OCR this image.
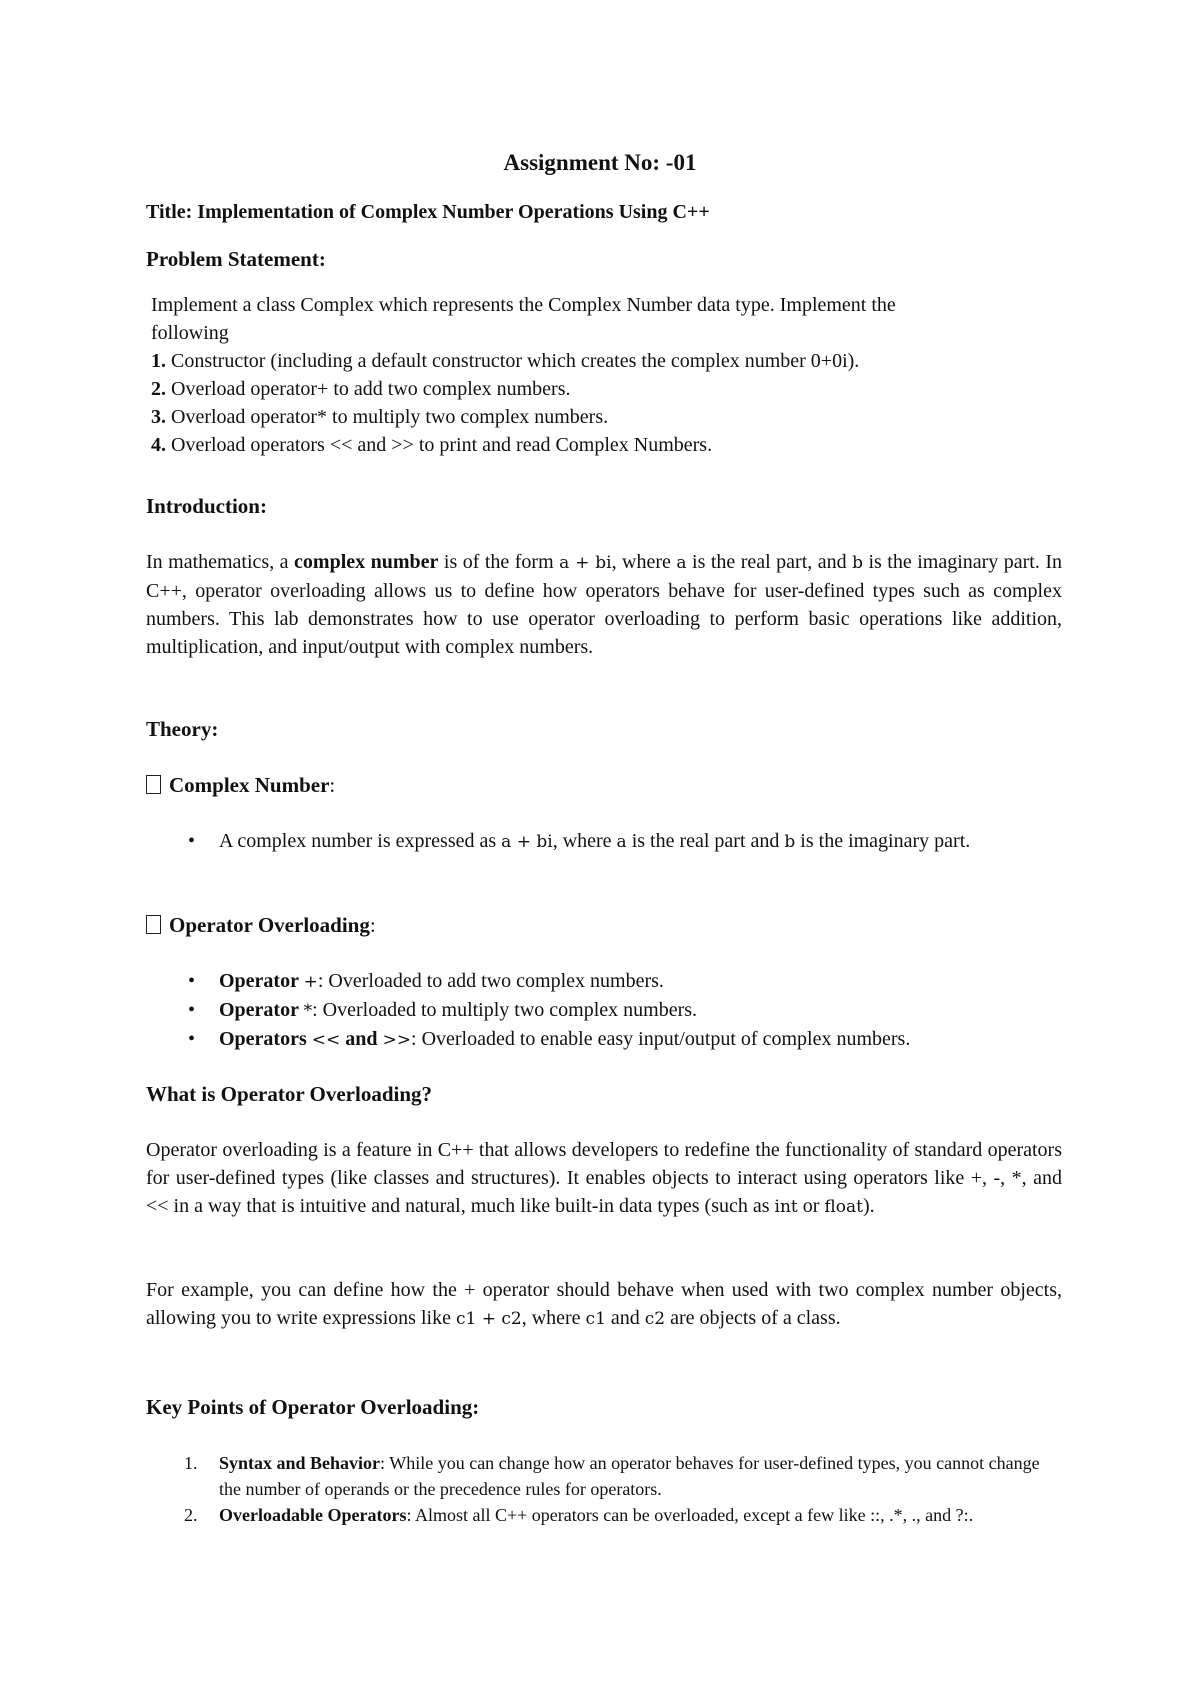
Assignment No: -01
Title: Implementation of Complex Number Operations Using C++
Problem Statement:
Implement a class Complex which represents the Complex Number data type. Implement the
following
1. Constructor (including a default constructor which creates the complex number 0+0i).
2. Overload operator+ to add two complex numbers.
3. Overload operator* to multiply two complex numbers.
4. Overload operators << and >> to print and read Complex Numbers.
Introduction:
In mathematics, a complex number is of the form a + bi, where a is the real part, and b is the imaginary part. In C++, operator overloading allows us to define how operators behave for user-defined types such as complex numbers. This lab demonstrates how to use operator overloading to perform basic operations like addition, multiplication, and input/output with complex numbers.
Theory:
Complex Number:
• A complex number is expressed as a + bi, where a is the real part and b is the imaginary part.
Operator Overloading:
• Operator +: Overloaded to add two complex numbers.
• Operator *: Overloaded to multiply two complex numbers.
• Operators << and >>: Overloaded to enable easy input/output of complex numbers.
What is Operator Overloading?
Operator overloading is a feature in C++ that allows developers to redefine the functionality of standard operators for user-defined types (like classes and structures). It enables objects to interact using operators like +, -, *, and << in a way that is intuitive and natural, much like built-in data types (such as int or float).
For example, you can define how the + operator should behave when used with two complex number objects, allowing you to write expressions like c1 + c2, where c1 and c2 are objects of a class.
Key Points of Operator Overloading:
1. Syntax and Behavior: While you can change how an operator behaves for user-defined types, you cannot change the number of operands or the precedence rules for operators.
2. Overloadable Operators: Almost all C++ operators can be overloaded, except a few like ::, .*, ., and ?:.
